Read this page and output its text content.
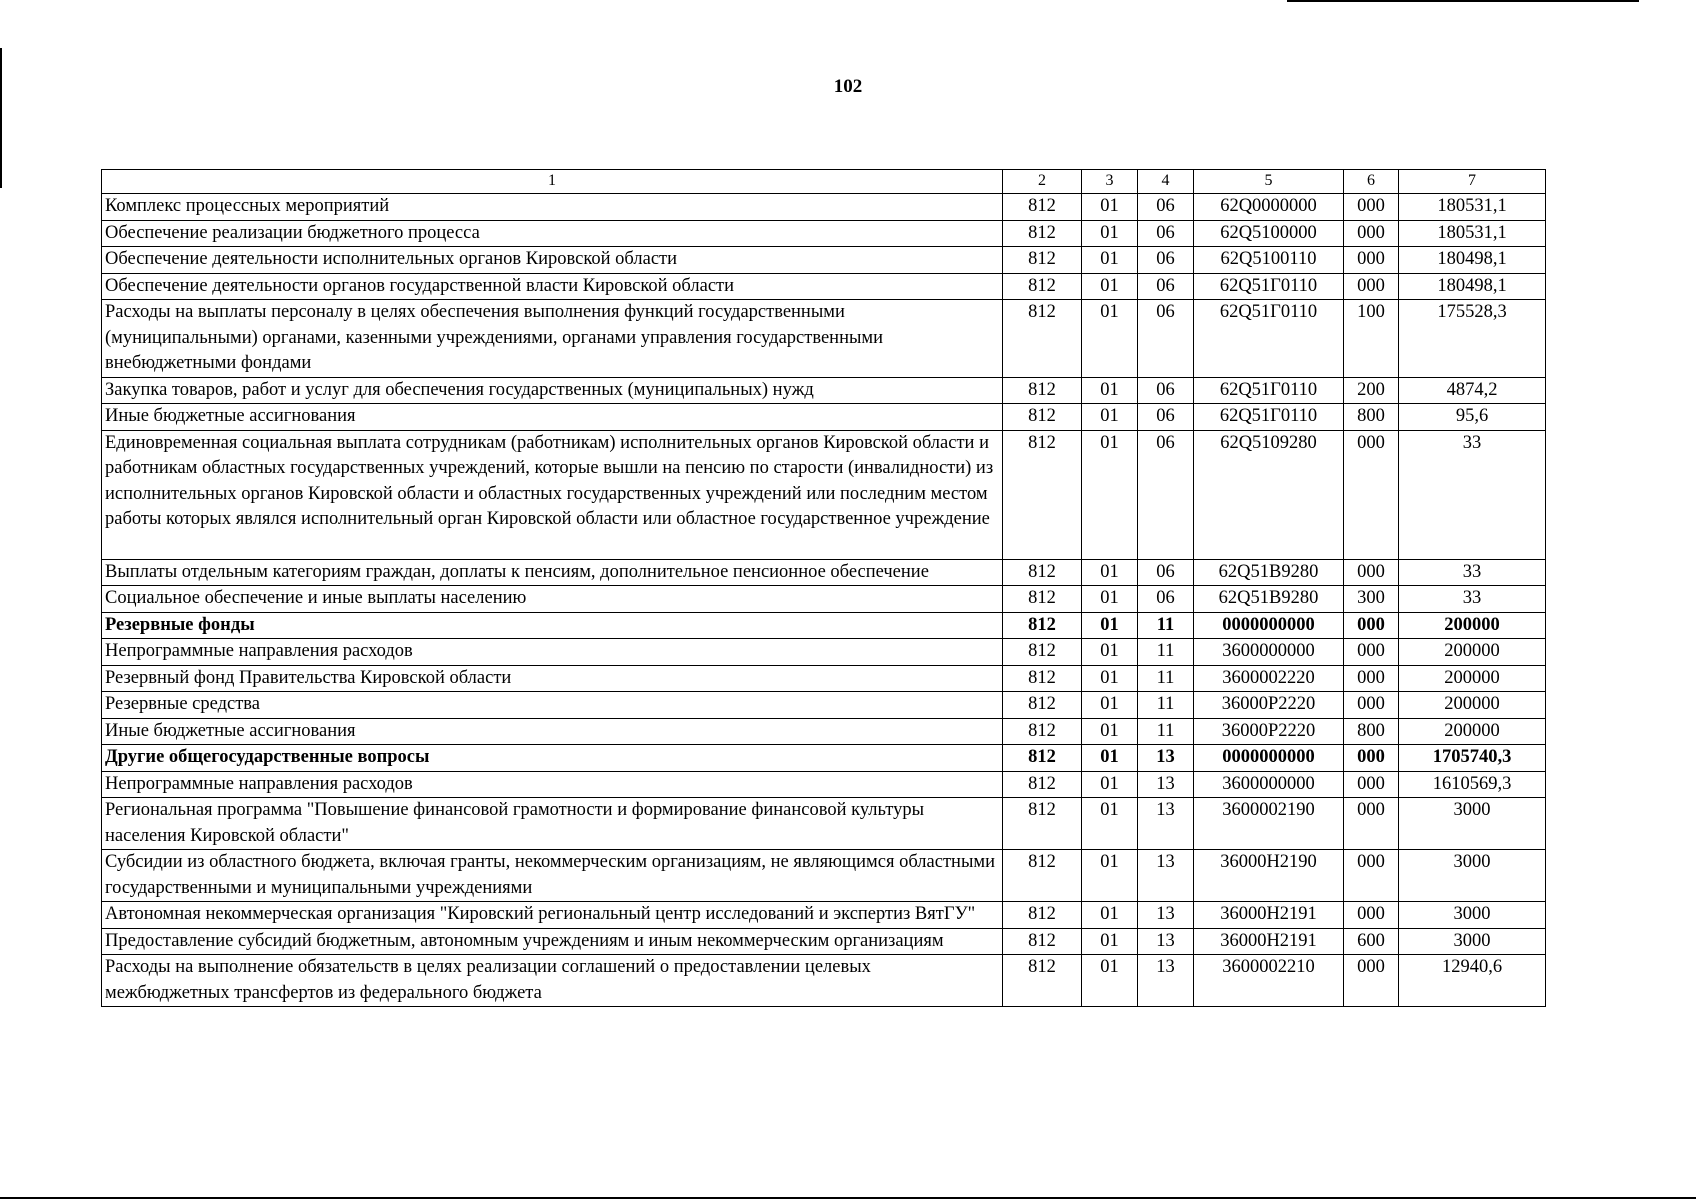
102
1	2	3	4	5	6	7
Комплекс процессных мероприятий	812	01	06	62Q0000000	000	180531,1
Обеспечение реализации бюджетного процесса	812	01	06	62Q5100000	000	180531,1
Обеспечение деятельности исполнительных органов Кировской области	812	01	06	62Q5100110	000	180498,1
Обеспечение деятельности органов государственной власти Кировской области	812	01	06	62Q51Г0110	000	180498,1
Расходы на выплаты персоналу в целях обеспечения выполнения функций государственными (муниципальными) органами, казенными учреждениями, органами управления государственными внебюджетными фондами	812	01	06	62Q51Г0110	100	175528,3
Закупка товаров, работ и услуг для обеспечения государственных (муниципальных) нужд	812	01	06	62Q51Г0110	200	4874,2
Иные бюджетные ассигнования	812	01	06	62Q51Г0110	800	95,6
Единовременная социальная выплата сотрудникам (работникам) исполнительных органов Кировской области и работникам областных государственных учреждений, которые вышли на пенсию по старости (инвалидности) из исполнительных органов Кировской области и областных государственных учреждений или последним местом работы которых являлся исполнительный орган Кировской области или областное государственное учреждение	812	01	06	62Q5109280	000	33
Выплаты отдельным категориям граждан, доплаты к пенсиям, дополнительное пенсионное обеспечение	812	01	06	62Q51В9280	000	33
Социальное обеспечение и иные выплаты населению	812	01	06	62Q51В9280	300	33
Резервные фонды	812	01	11	0000000000	000	200000
Непрограммные направления расходов	812	01	11	3600000000	000	200000
Резервный фонд Правительства Кировской области	812	01	11	3600002220	000	200000
Резервные средства	812	01	11	36000Р2220	000	200000
Иные бюджетные ассигнования	812	01	11	36000Р2220	800	200000
Другие общегосударственные вопросы	812	01	13	0000000000	000	1705740,3
Непрограммные направления расходов	812	01	13	3600000000	000	1610569,3
Региональная программа "Повышение финансовой грамотности и формирование финансовой культуры населения Кировской области"	812	01	13	3600002190	000	3000
Субсидии из областного бюджета, включая гранты, некоммерческим организациям, не являющимся областными государственными и муниципальными учреждениями	812	01	13	36000Н2190	000	3000
Автономная некоммерческая организация "Кировский региональный центр исследований и экспертиз ВятГУ"	812	01	13	36000Н2191	000	3000
Предоставление субсидий бюджетным, автономным учреждениям и иным некоммерческим организациям	812	01	13	36000Н2191	600	3000
Расходы на выполнение обязательств в целях реализации соглашений о предоставлении целевых межбюджетных трансфертов из федерального бюджета	812	01	13	3600002210	000	12940,6
